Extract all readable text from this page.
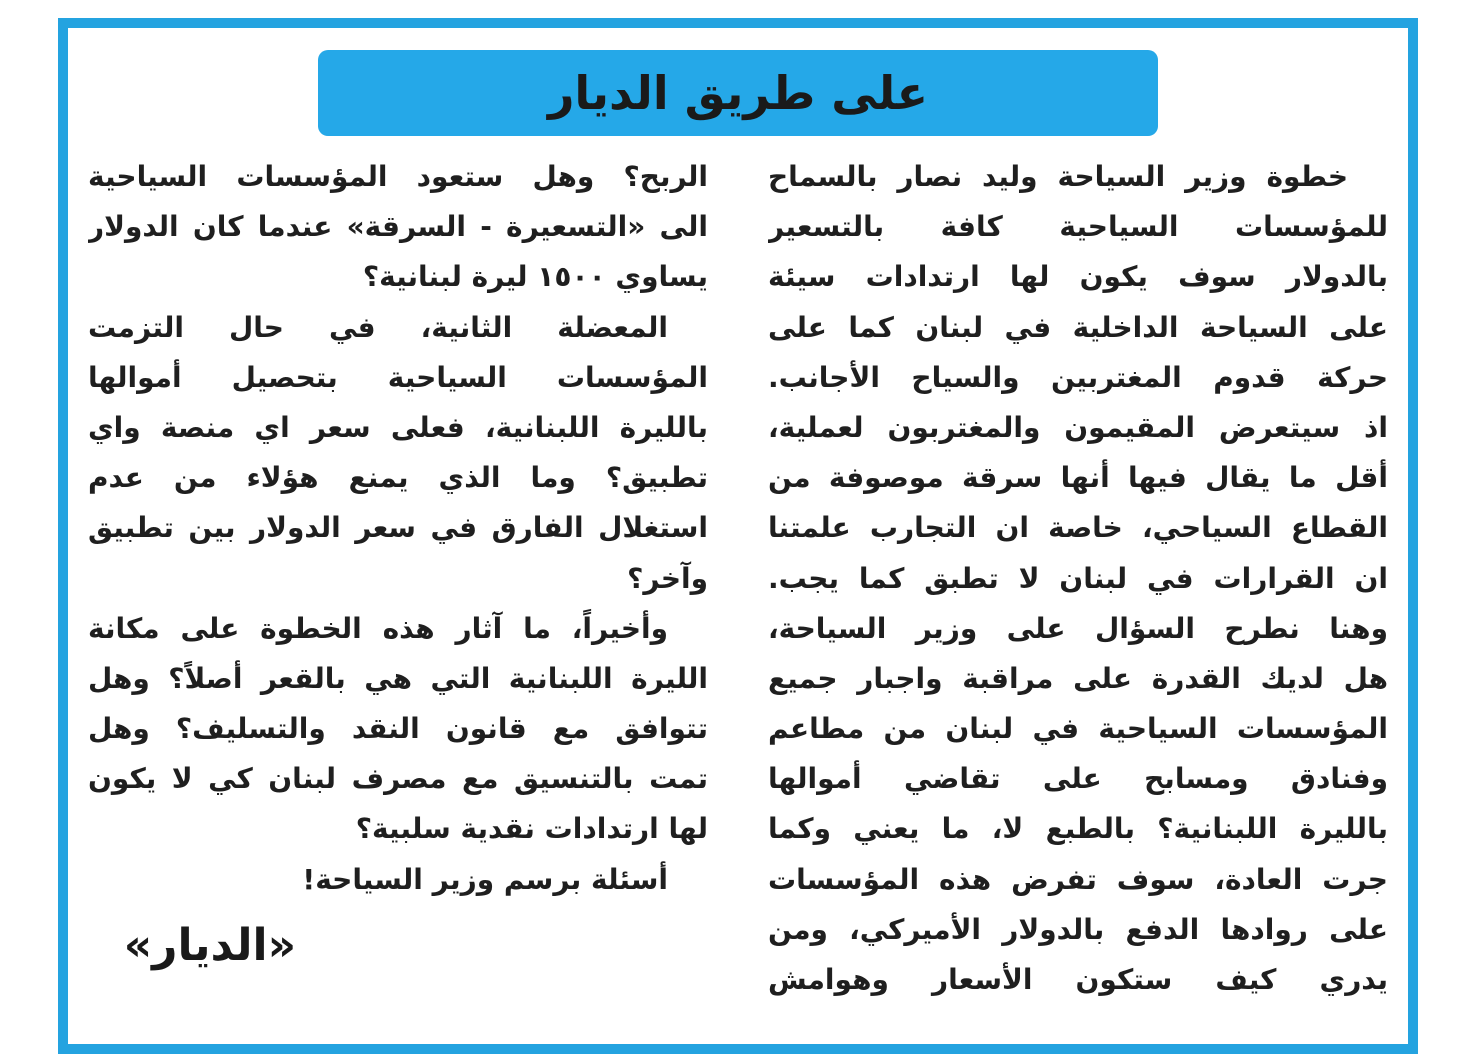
على طريق الديار
خطوة وزير السياحة وليد نصار بالسماح
للمؤسسات السياحية كافة بالتسعير
بالدولار سوف يكون لها ارتدادات سيئة
على السياحة الداخلية في لبنان كما على
حركة قدوم المغتربين والسياح الأجانب.
اذ سيتعرض المقيمون والمغتربون لعملية،
أقل ما يقال فيها أنها سرقة موصوفة من
القطاع السياحي، خاصة ان التجارب علمتنا
ان القرارات في لبنان لا تطبق كما يجب.
وهنا نطرح السؤال على وزير السياحة،
هل لديك القدرة على مراقبة واجبار جميع
المؤسسات السياحية في لبنان من مطاعم
وفنادق ومسابح على تقاضي أموالها
بالليرة اللبنانية؟ بالطبع لا، ما يعني وكما
جرت العادة، سوف تفرض هذه المؤسسات
على روادها الدفع بالدولار الأميركي، ومن
يدري كيف ستكون الأسعار وهوامش
الربح؟ وهل ستعود المؤسسات السياحية
الى «التسعيرة - السرقة» عندما كان الدولار
يساوي ١٥٠٠ ليرة لبنانية؟
المعضلة الثانية، في حال التزمت
المؤسسات السياحية بتحصيل أموالها
بالليرة اللبنانية، فعلى سعر اي منصة واي
تطبيق؟ وما الذي يمنع هؤلاء من عدم
استغلال الفارق في سعر الدولار بين تطبيق
وآخر؟
وأخيراً، ما آثار هذه الخطوة على مكانة
الليرة اللبنانية التي هي بالقعر أصلاً؟ وهل
تتوافق مع قانون النقد والتسليف؟ وهل
تمت بالتنسيق مع مصرف لبنان كي لا يكون
لها ارتدادات نقدية سلبية؟
أسئلة برسم وزير السياحة!
«الديار»
